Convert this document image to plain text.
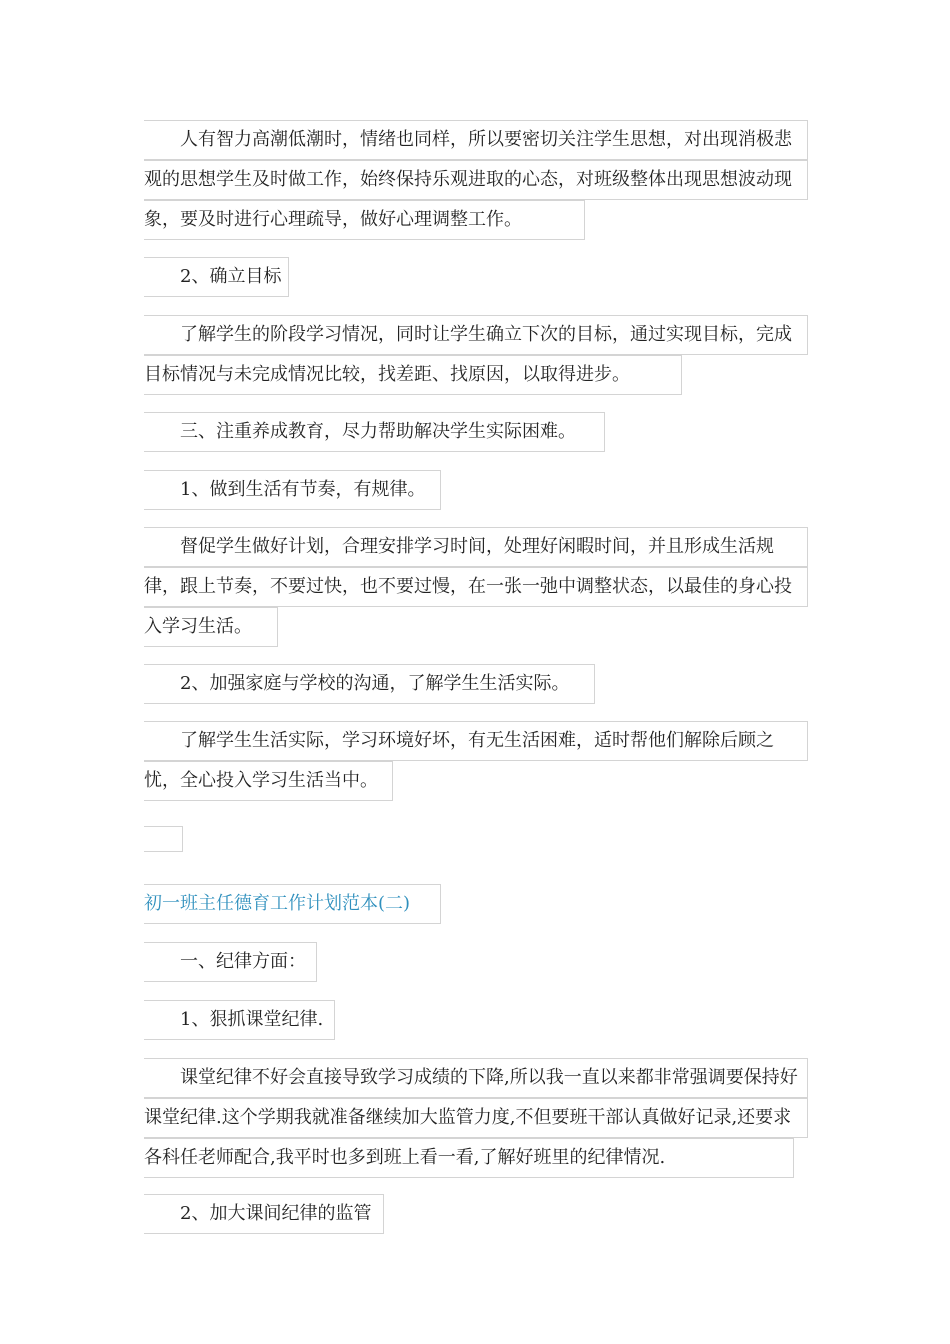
人有智力高潮低潮时，情绪也同样，所以要密切关注学生思想，对出现消极悲观的思想学生及时做工作，始终保持乐观进取的心态，对班级整体出现思想波动现象，要及时进行心理疏导，做好心理调整工作。

2、确立目标

了解学生的阶段学习情况，同时让学生确立下次的目标，通过实现目标，完成目标情况与未完成情况比较，找差距、找原因，以取得进步。

三、注重养成教育，尽力帮助解决学生实际困难。

1、做到生活有节奏，有规律。

督促学生做好计划，合理安排学习时间，处理好闲暇时间，并且形成生活规律，跟上节奏，不要过快，也不要过慢，在一张一弛中调整状态，以最佳的身心投入学习生活。

2、加强家庭与学校的沟通，了解学生生活实际。

了解学生生活实际，学习环境好坏，有无生活困难，适时帮他们解除后顾之忧，全心投入学习生活当中。

初一班主任德育工作计划范本(二)

一、纪律方面：

1、狠抓课堂纪律.

课堂纪律不好会直接导致学习成绩的下降,所以我一直以来都非常强调要保持好课堂纪律.这个学期我就准备继续加大监管力度,不但要班干部认真做好记录,还要求各科任老师配合,我平时也多到班上看一看,了解好班里的纪律情况.

2、加大课间纪律的监管
